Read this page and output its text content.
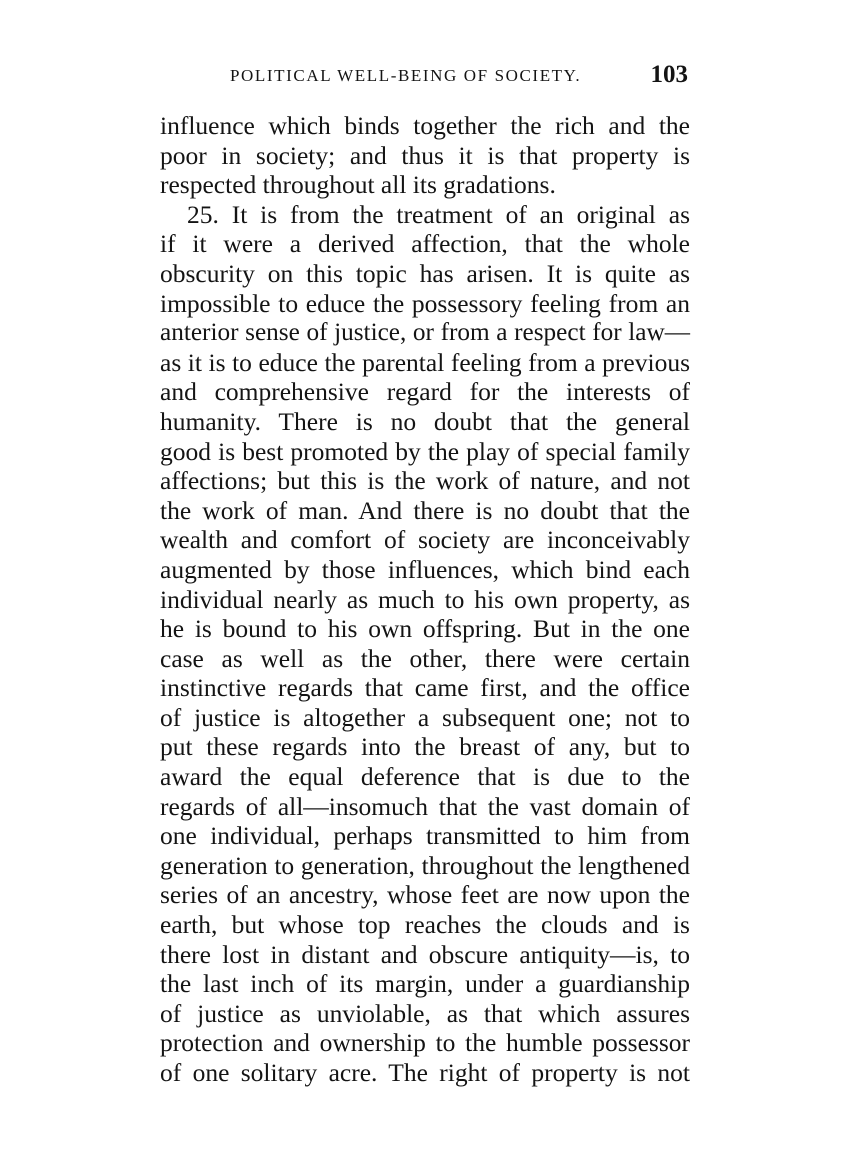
POLITICAL WELL-BEING OF SOCIETY.	103
influence which binds together the rich and the
poor in society; and thus it is that property is
respected throughout all its gradations.
25. It is from the treatment of an original as
if it were a derived affection, that the whole
obscurity on this topic has arisen. It is quite as
impossible to educe the possessory feeling from an
anterior sense of justice, or from a respect for law—
as it is to educe the parental feeling from a previous
and comprehensive regard for the interests of
humanity. There is no doubt that the general
good is best promoted by the play of special family
affections; but this is the work of nature, and not
the work of man. And there is no doubt that the
wealth and comfort of society are inconceivably
augmented by those influences, which bind each
individual nearly as much to his own property, as
he is bound to his own offspring. But in the one
case as well as the other, there were certain
instinctive regards that came first, and the office
of justice is altogether a subsequent one; not to
put these regards into the breast of any, but to
award the equal deference that is due to the
regards of all—insomuch that the vast domain of
one individual, perhaps transmitted to him from
generation to generation, throughout the lengthened
series of an ancestry, whose feet are now upon the
earth, but whose top reaches the clouds and is
there lost in distant and obscure antiquity—is, to
the last inch of its margin, under a guardianship
of justice as unviolable, as that which assures
protection and ownership to the humble possessor
of one solitary acre. The right of property is not
